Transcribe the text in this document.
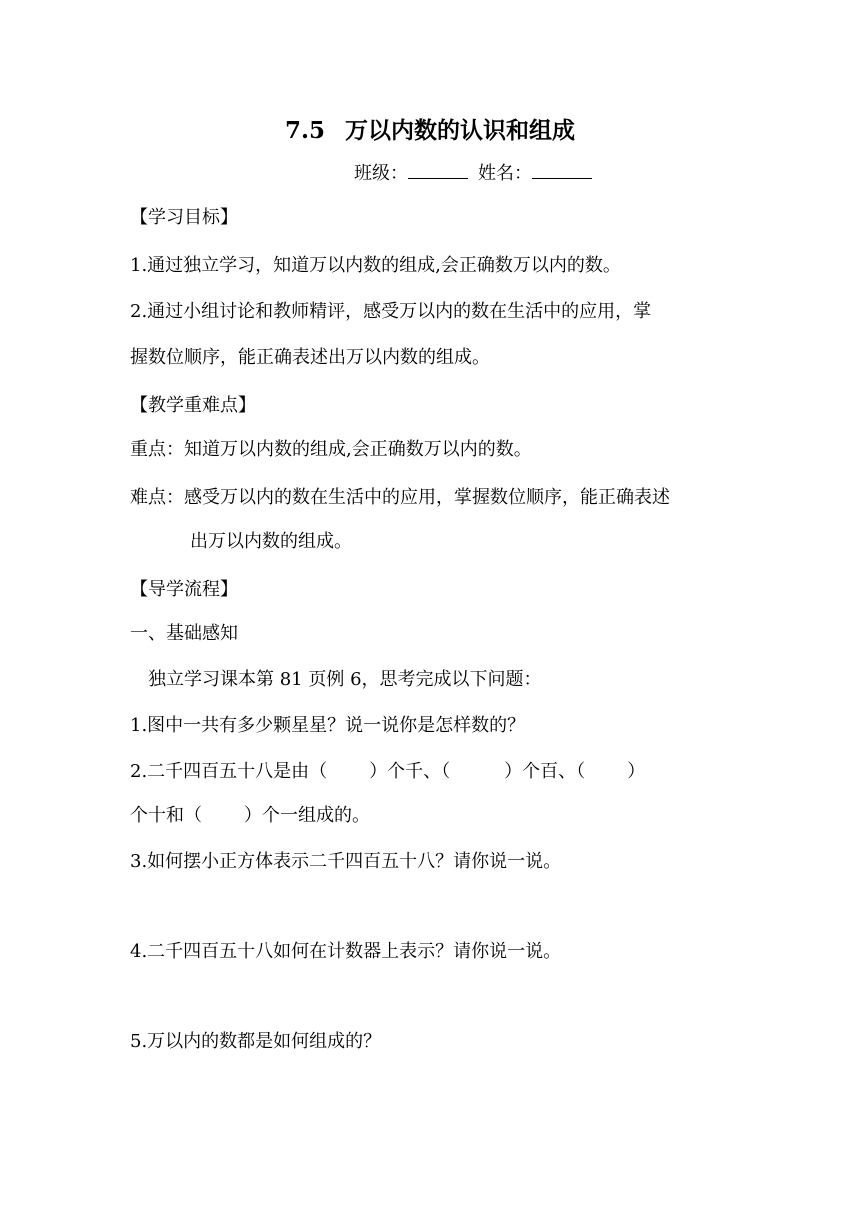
7.5 万以内数的认识和组成
班级：	姓名：
【学习目标】
1.通过独立学习，知道万以内数的组成,会正确数万以内的数。
2.通过小组讨论和教师精评，感受万以内的数在生活中的应用，掌
握数位顺序，能正确表述出万以内数的组成。
【教学重难点】
重点：知道万以内数的组成,会正确数万以内的数。
难点：感受万以内的数在生活中的应用，掌握数位顺序，能正确表述
出万以内数的组成。
【导学流程】
一、基础感知
独立学习课本第 81 页例 6，思考完成以下问题：
1.图中一共有多少颗星星？说一说你是怎样数的？
2.二千四百五十八是由（ ）个千、（	）个百、（ ）
个十和（ ）个一组成的。
3.如何摆小正方体表示二千四百五十八？请你说一说。
4.二千四百五十八如何在计数器上表示？请你说一说。
5.万以内的数都是如何组成的？
